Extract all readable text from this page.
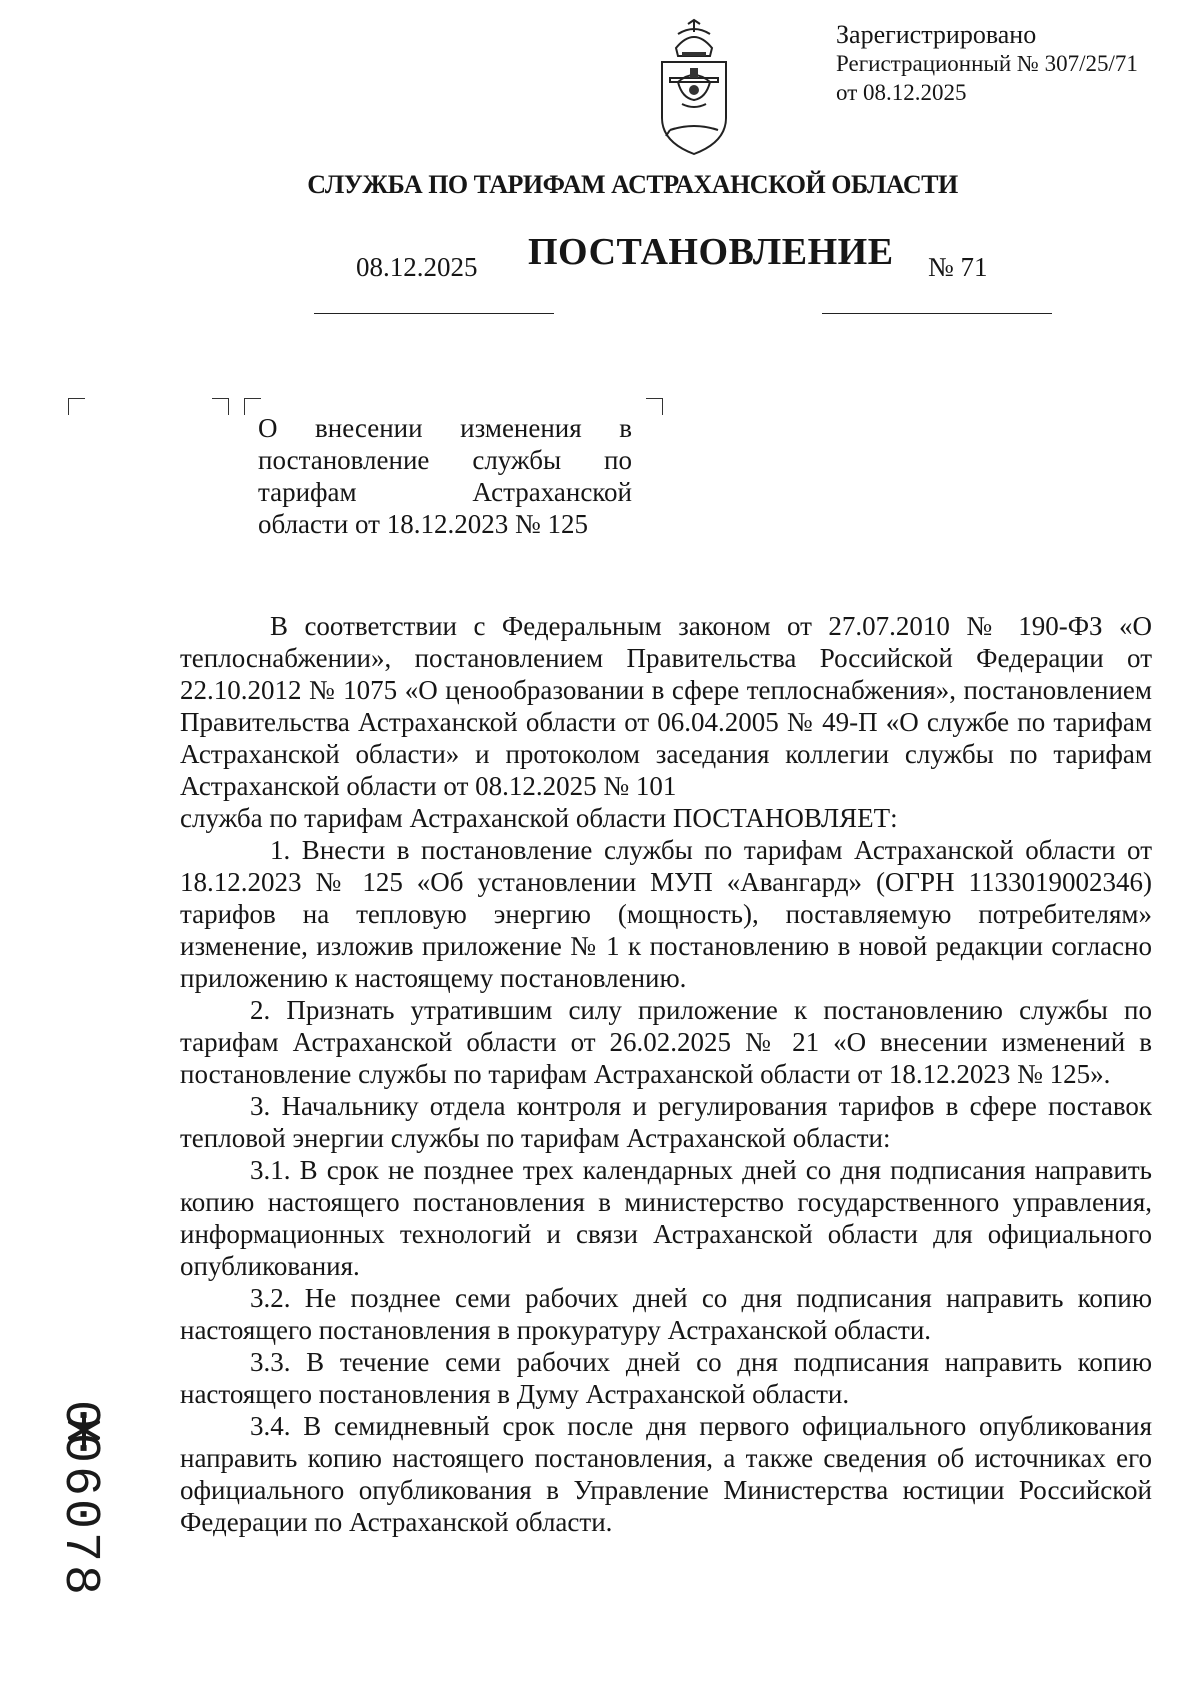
Зарегистрировано
Регистрационный № 307/25/71
от 08.12.2025
СЛУЖБА ПО ТАРИФАМ АСТРАХАНСКОЙ ОБЛАСТИ
ПОСТАНОВЛЕНИЕ
08.12.2025	№ 71
О внесении изменения в
постановление службы по
тарифам Астраханской
области от 18.12.2023 № 125

В соответствии с Федеральным законом от 27.07.2010 № 190-ФЗ «О теплоснабжении», постановлением Правительства Российской Федерации от 22.10.2012 № 1075 «О ценообразовании в сфере теплоснабжения», постановлением Правительства Астраханской области от 06.04.2005 № 49-П «О службе по тарифам Астраханской области» и протоколом заседания коллегии службы по тарифам Астраханской области от 08.12.2025 № 101

служба по тарифам Астраханской области ПОСТАНОВЛЯЕТ:

1. Внести в постановление службы по тарифам Астраханской области от 18.12.2023 № 125 «Об установлении МУП «Авангард» (ОГРН 1133019002346) тарифов на тепловую энергию (мощность), поставляемую потребителям» изменение, изложив приложение № 1 к постановлению в новой редакции согласно приложению к настоящему постановлению.

2. Признать утратившим силу приложение к постановлению службы по тарифам Астраханской области от 26.02.2025 № 21 «О внесении изменений в постановление службы по тарифам Астраханской области от 18.12.2023 № 125».

3. Начальнику отдела контроля и регулирования тарифов в сфере поставок тепловой энергии службы по тарифам Астраханской области:

3.1. В срок не позднее трех календарных дней со дня подписания направить копию настоящего постановления в министерство государственного управления, информационных технологий и связи Астраханской области для официального опубликования.

3.2. Не позднее семи рабочих дней со дня подписания направить копию настоящего постановления в прокуратуру Астраханской области.

3.3. В течение семи рабочих дней со дня подписания направить копию настоящего постановления в Думу Астраханской области.

3.4. В семидневный срок после дня первого официального опубликования направить копию настоящего постановления, а также сведения об источниках его официального опубликования в Управление Министерства юстиции Российской Федерации по Астраханской области.

006078
